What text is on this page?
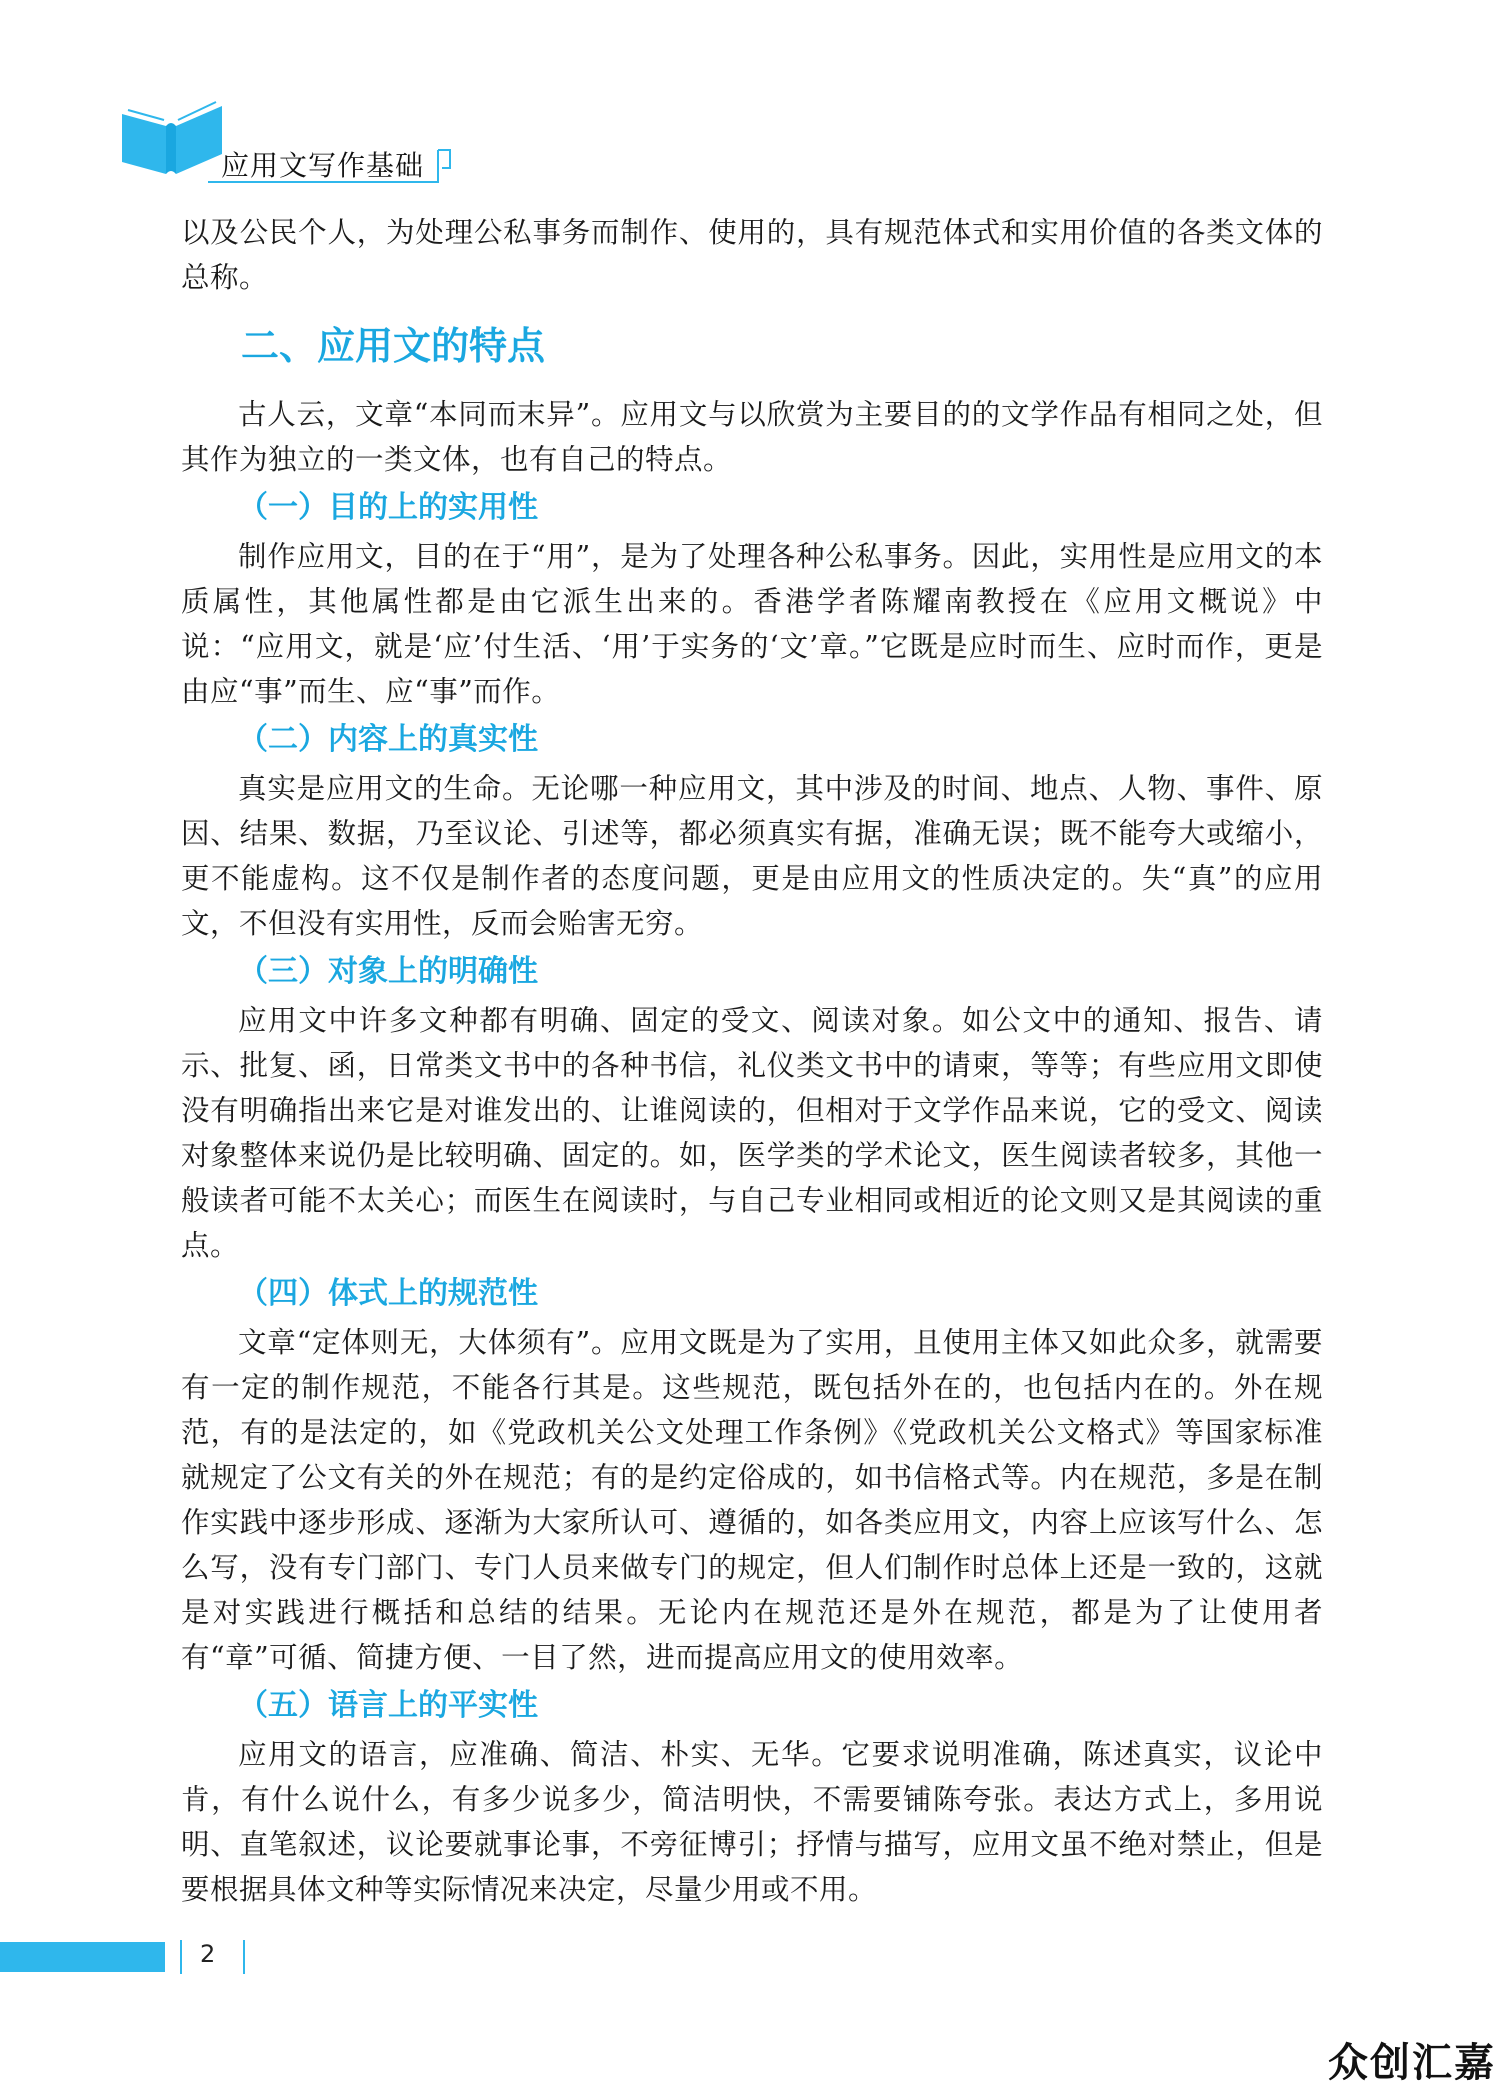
应用文写作基础

以及公民个人，为处理公私事务而制作、使用的，具有规范体式和实用价值的各类文体的总称。

二、应用文的特点

古人云，文章“本同而末异”。应用文与以欣赏为主要目的的文学作品有相同之处，但其作为独立的一类文体，也有自己的特点。

（一）目的上的实用性

制作应用文，目的在于“用”，是为了处理各种公私事务。因此，实用性是应用文的本质属性，其他属性都是由它派生出来的。香港学者陈耀南教授在《应用文概说》中说：“应用文，就是‘应’付生活、‘用’于实务的‘文’章。”它既是应时而生、应时而作，更是由应“事”而生、应“事”而作。

（二）内容上的真实性

真实是应用文的生命。无论哪一种应用文，其中涉及的时间、地点、人物、事件、原因、结果、数据，乃至议论、引述等，都必须真实有据，准确无误；既不能夸大或缩小，更不能虚构。这不仅是制作者的态度问题，更是由应用文的性质决定的。失“真”的应用文，不但没有实用性，反而会贻害无穷。

（三）对象上的明确性

应用文中许多文种都有明确、固定的受文、阅读对象。如公文中的通知、报告、请示、批复、函，日常类文书中的各种书信，礼仪类文书中的请柬，等等；有些应用文即使没有明确指出来它是对谁发出的、让谁阅读的，但相对于文学作品来说，它的受文、阅读对象整体来说仍是比较明确、固定的。如，医学类的学术论文，医生阅读者较多，其他一般读者可能不太关心；而医生在阅读时，与自己专业相同或相近的论文则又是其阅读的重点。

（四）体式上的规范性

文章“定体则无，大体须有”。应用文既是为了实用，且使用主体又如此众多，就需要有一定的制作规范，不能各行其是。这些规范，既包括外在的，也包括内在的。外在规范，有的是法定的，如《党政机关公文处理工作条例》《党政机关公文格式》等国家标准就规定了公文有关的外在规范；有的是约定俗成的，如书信格式等。内在规范，多是在制作实践中逐步形成、逐渐为大家所认可、遵循的，如各类应用文，内容上应该写什么、怎么写，没有专门部门、专门人员来做专门的规定，但人们制作时总体上还是一致的，这就是对实践进行概括和总结的结果。无论内在规范还是外在规范，都是为了让使用者有“章”可循、简捷方便、一目了然，进而提高应用文的使用效率。

（五）语言上的平实性

应用文的语言，应准确、简洁、朴实、无华。它要求说明准确，陈述真实，议论中肯，有什么说什么，有多少说多少，简洁明快，不需要铺陈夸张。表达方式上，多用说明、直笔叙述，议论要就事论事，不旁征博引；抒情与描写，应用文虽不绝对禁止，但是要根据具体文种等实际情况来决定，尽量少用或不用。

2
众创汇嘉
